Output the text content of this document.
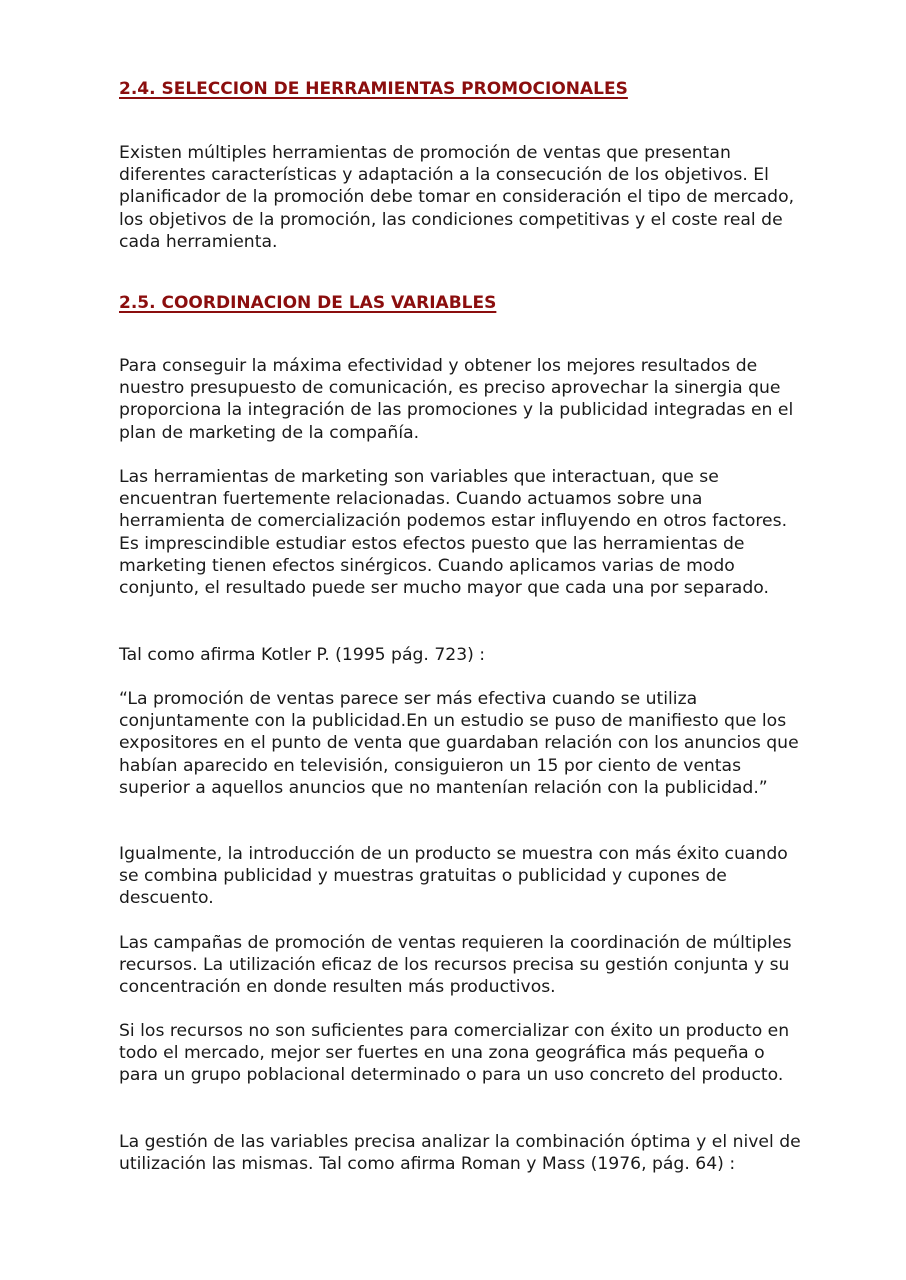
2.4. SELECCION DE HERRAMIENTAS PROMOCIONALES

Existen múltiples herramientas de promoción de ventas que presentan diferentes características y adaptación a la consecución de los objetivos. El planificador de la promoción debe tomar en consideración el tipo de mercado, los objetivos de la promoción, las condiciones competitivas y el coste real de cada herramienta.

2.5. COORDINACION DE LAS VARIABLES

Para conseguir la máxima efectividad y obtener los mejores resultados de nuestro presupuesto de comunicación, es preciso aprovechar la sinergia que proporciona la integración de las promociones y la publicidad integradas en el plan de marketing de la compañía.

Las herramientas de marketing son variables que interactuan, que se encuentran fuertemente relacionadas. Cuando actuamos sobre una herramienta de comercialización podemos estar influyendo en otros factores. Es imprescindible estudiar estos efectos puesto que las herramientas de marketing tienen efectos sinérgicos. Cuando aplicamos varias de modo conjunto, el resultado puede ser mucho mayor que cada una por separado.

Tal como afirma Kotler P. (1995 pág. 723) :

“La promoción de ventas parece ser más efectiva cuando se utiliza conjuntamente con la publicidad.En un estudio se puso de manifiesto que los expositores en el punto de venta que guardaban relación con los anuncios que habían aparecido en televisión, consiguieron un 15 por ciento de ventas superior a aquellos anuncios que no mantenían relación con la publicidad.”

Igualmente, la introducción de un producto se muestra con más éxito cuando se combina publicidad y muestras gratuitas o publicidad y cupones de descuento.

Las campañas de promoción de ventas requieren la coordinación de múltiples recursos. La utilización eficaz de los recursos precisa su gestión conjunta y su concentración en donde resulten más productivos.

Si los recursos no son suficientes para comercializar con éxito un producto en todo el mercado, mejor ser fuertes en una zona geográfica más pequeña o para un grupo poblacional determinado o para un uso concreto del producto.

La gestión de las variables precisa analizar la combinación óptima y el nivel de utilización las mismas. Tal como afirma Roman y Mass (1976, pág. 64) :
